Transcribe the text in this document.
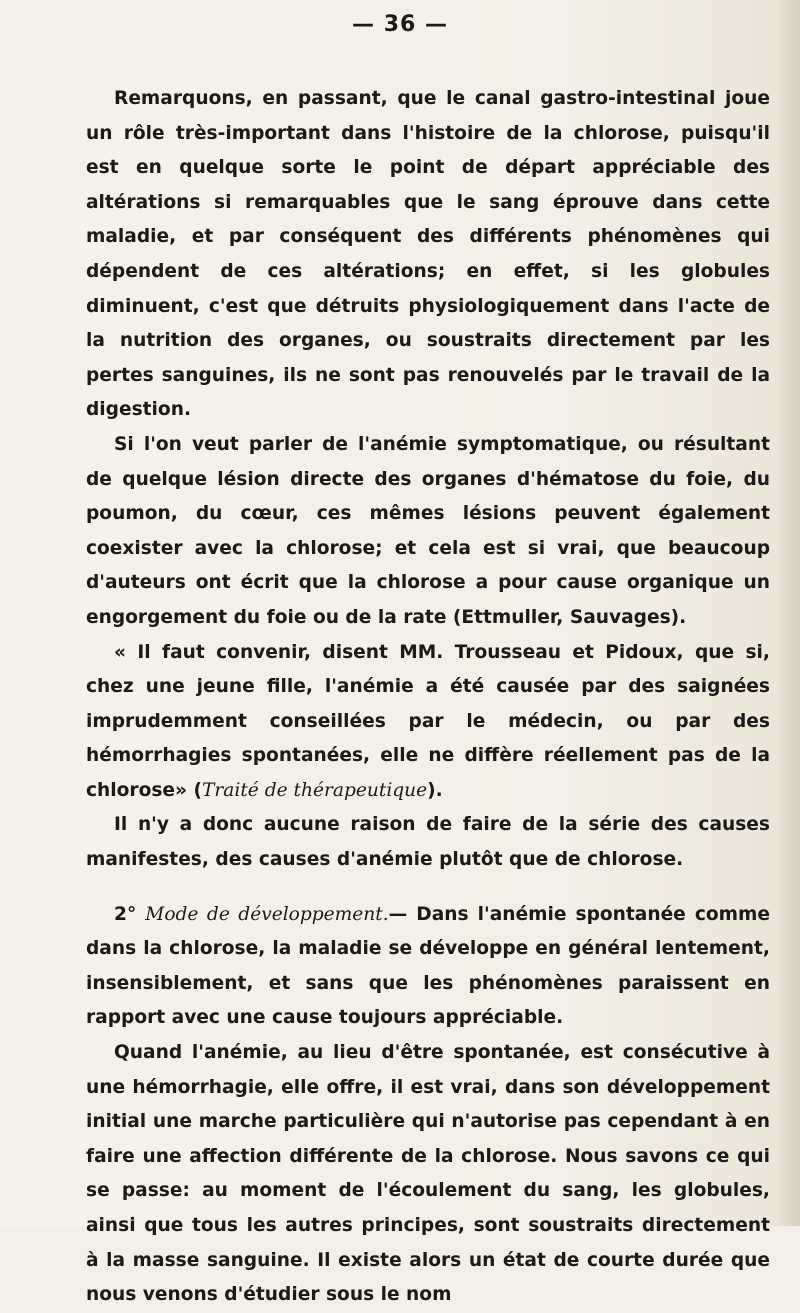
— 36 —

Remarquons, en passant, que le canal gastro-intestinal joue un rôle très-important dans l'histoire de la chlorose, puisqu'il est en quelque sorte le point de départ appréciable des altérations si remarquables que le sang éprouve dans cette maladie, et par conséquent des différents phénomènes qui dépendent de ces altérations; en effet, si les globules diminuent, c'est que détruits physiologiquement dans l'acte de la nutrition des organes, ou soustraits directement par les pertes sanguines, ils ne sont pas renouvelés par le travail de la digestion.

Si l'on veut parler de l'anémie symptomatique, ou résultant de quelque lésion directe des organes d'hématose du foie, du poumon, du cœur, ces mêmes lésions peuvent également coexister avec la chlorose; et cela est si vrai, que beaucoup d'auteurs ont écrit que la chlorose a pour cause organique un engorgement du foie ou de la rate (Ettmuller, Sauvages).

« Il faut convenir, disent MM. Trousseau et Pidoux, que si, chez une jeune fille, l'anémie a été causée par des saignées imprudemment conseillées par le médecin, ou par des hémorrhagies spontanées, elle ne diffère réellement pas de la chlorose» (Traité de thérapeutique).

Il n'y a donc aucune raison de faire de la série des causes manifestes, des causes d'anémie plutôt que de chlorose.

2° Mode de développement.— Dans l'anémie spontanée comme dans la chlorose, la maladie se développe en général lentement, insensiblement, et sans que les phénomènes paraissent en rapport avec une cause toujours appréciable.

Quand l'anémie, au lieu d'être spontanée, est consécutive à une hémorrhagie, elle offre, il est vrai, dans son développement initial une marche particulière qui n'autorise pas cependant à en faire une affection différente de la chlorose. Nous savons ce qui se passe: au moment de l'écoulement du sang, les globules, ainsi que tous les autres principes, sont soustraits directement à la masse sanguine. Il existe alors un état de courte durée que nous venons d'étudier sous le nom
